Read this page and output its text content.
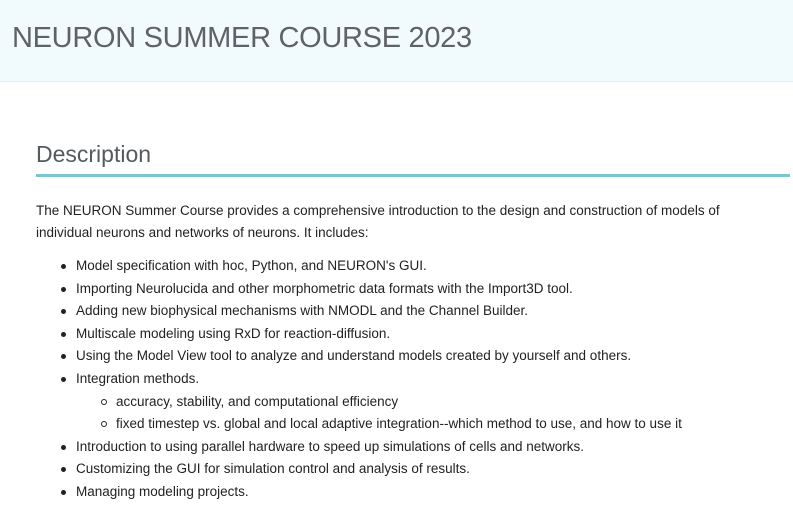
NEURON SUMMER COURSE 2023
Description

The NEURON Summer Course provides a comprehensive introduction to the design and construction of models of individual neurons and networks of neurons. It includes:

Model specification with hoc, Python, and NEURON's GUI.
Importing Neurolucida and other morphometric data formats with the Import3D tool.
Adding new biophysical mechanisms with NMODL and the Channel Builder.
Multiscale modeling using RxD for reaction-diffusion.
Using the Model View tool to analyze and understand models created by yourself and others.
Integration methods.
accuracy, stability, and computational efficiency
fixed timestep vs. global and local adaptive integration--which method to use, and how to use it
Introduction to using parallel hardware to speed up simulations of cells and networks.
Customizing the GUI for simulation control and analysis of results.
Managing modeling projects.
